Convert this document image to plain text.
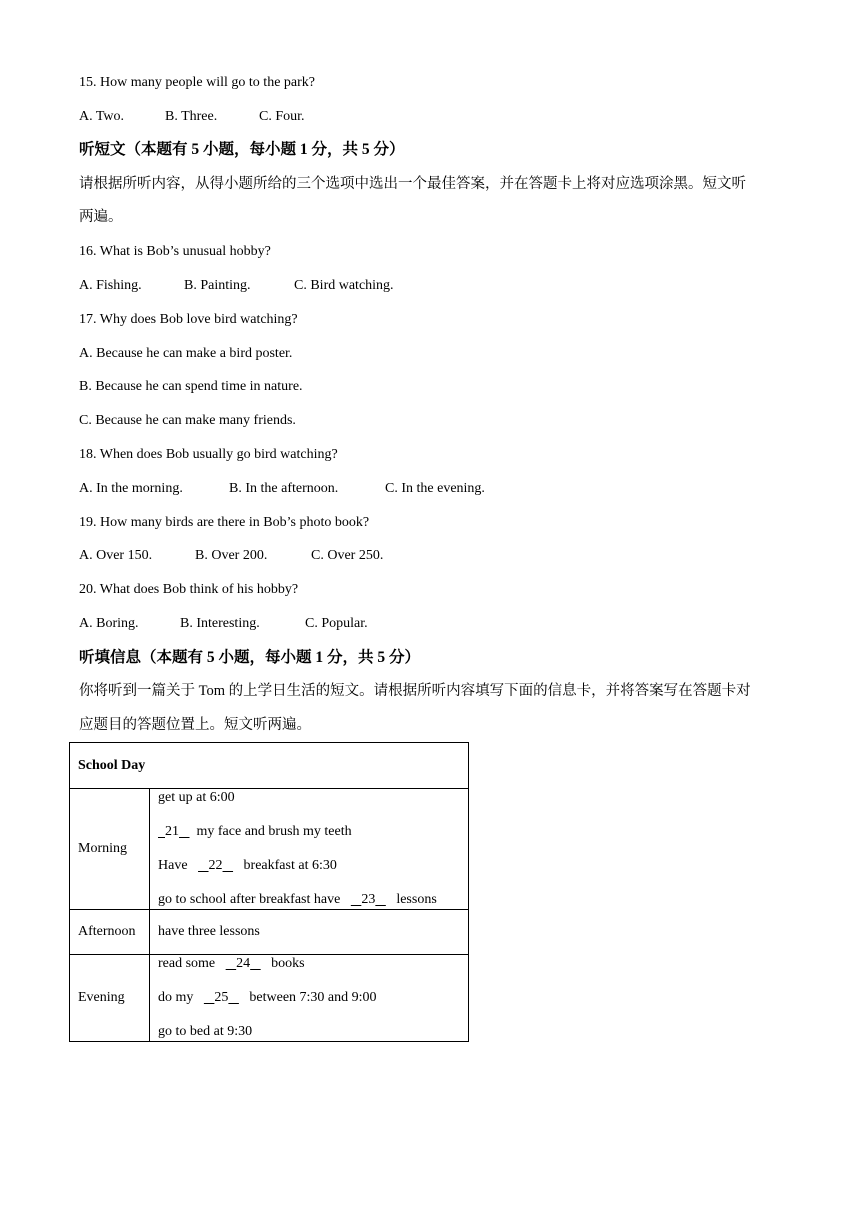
15. How many people will go to the park?
A. Two.	B. Three.	C. Four.
听短文（本题有 5 小题，每小题 1 分，共 5 分）
请根据所听内容，从得小题所给的三个选项中选出一个最佳答案，并在答题卡上将对应选项涂黑。短文听
两遍。
16. What is Bob’s unusual hobby?
A. Fishing.	B. Painting.	C. Bird watching.
17. Why does Bob love bird watching?
A. Because he can make a bird poster.
B. Because he can spend time in nature.
C. Because he can make many friends.
18. When does Bob usually go bird watching?
A. In the morning.	B. In the afternoon.	C. In the evening.
19. How many birds are there in Bob’s photo book?
A. Over 150.	B. Over 200.	C. Over 250.
20. What does Bob think of his hobby?
A. Boring.	B. Interesting.	C. Popular.
听填信息（本题有 5 小题，每小题 1 分，共 5 分）
你将听到一篇关于 Tom 的上学日生活的短文。请根据所听内容填写下面的信息卡，并将答案写在答题卡对
应题目的答题位置上。短文听两遍。
School Day	
Morning	get up at 6:00
21 my face and brush my teeth
Have 22 breakfast at 6:30
go to school after breakfast have 23 lessons

Afternoon	have three lessons
Evening	read some 24 books
do my 25 between 7:30 and 9:00
go to bed at 9:30
